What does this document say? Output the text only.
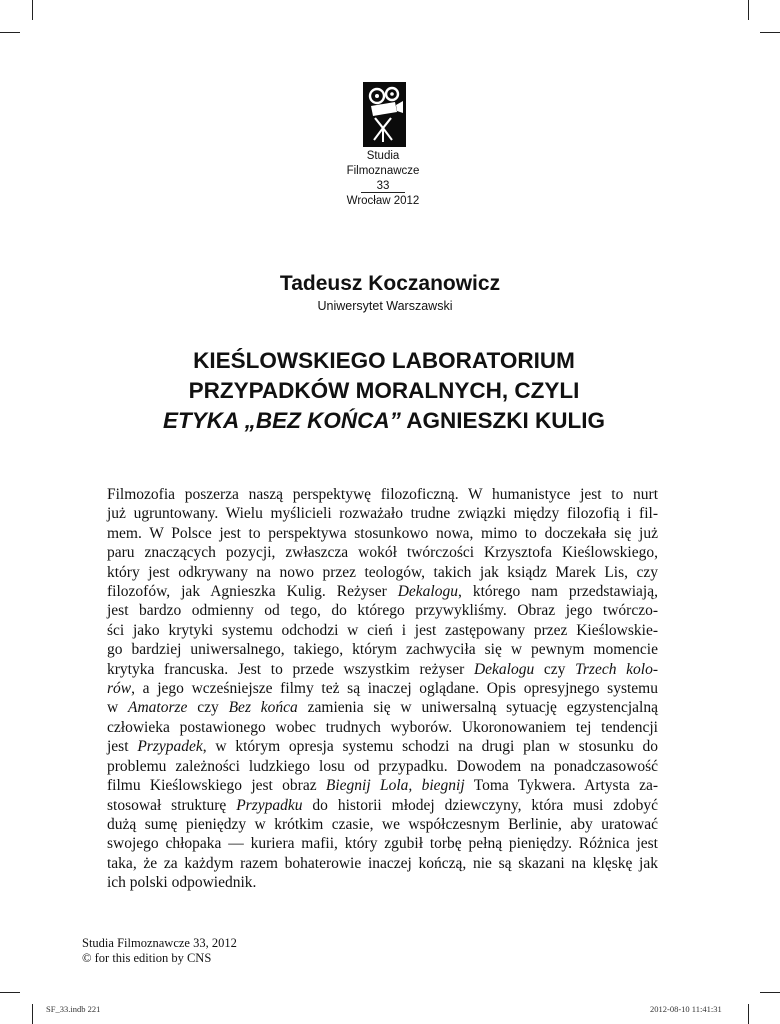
Studia
Filmoznawcze
33
Wrocław 2012
Tadeusz Koczanowicz
Uniwersytet Warszawski
KIEŚLOWSKIEGO LABORATORIUM
PRZYPADKÓW MORALNYCH, CZYLI
ETYKA „BEZ KOŃCA” AGNIESZKI KULIG
Filmozofia poszerza naszą perspektywę filozoficzną. W humanistyce jest to nurt
już ugruntowany. Wielu myślicieli rozważało trudne związki między filozofią i fil-
mem. W Polsce jest to perspektywa stosunkowo nowa, mimo to doczekała się już
paru znaczących pozycji, zwłaszcza wokół twórczości Krzysztofa Kieślowskiego,
który jest odkrywany na nowo przez teologów, takich jak ksiądz Marek Lis, czy
filozofów, jak Agnieszka Kulig. Reżyser Dekalogu, którego nam przedstawiają,
jest bardzo odmienny od tego, do którego przywykliśmy. Obraz jego twórczo-
ści jako krytyki systemu odchodzi w cień i jest zastępowany przez Kieślowskie-
go bardziej uniwersalnego, takiego, którym zachwyciła się w pewnym momencie
krytyka francuska. Jest to przede wszystkim reżyser Dekalogu czy Trzech kolo-
rów, a jego wcześniejsze filmy też są inaczej oglądane. Opis opresyjnego systemu
w Amatorze czy Bez końca zamienia się w uniwersalną sytuację egzystencjalną
człowieka postawionego wobec trudnych wyborów. Ukoronowaniem tej tendencji
jest Przypadek, w którym opresja systemu schodzi na drugi plan w stosunku do
problemu zależności ludzkiego losu od przypadku. Dowodem na ponadczasowość
filmu Kieślowskiego jest obraz Biegnij Lola, biegnij Toma Tykwera. Artysta za-
stosował strukturę Przypadku do historii młodej dziewczyny, która musi zdobyć
dużą sumę pieniędzy w krótkim czasie, we współczesnym Berlinie, aby uratować
swojego chłopaka — kuriera mafii, który zgubił torbę pełną pieniędzy. Różnica jest
taka, że za każdym razem bohaterowie inaczej kończą, nie są skazani na klęskę jak
ich polski odpowiednik.
Studia Filmoznawcze 33, 2012
© for this edition by CNS
SF_33.indb 221	2012-08-10 11:41:31
